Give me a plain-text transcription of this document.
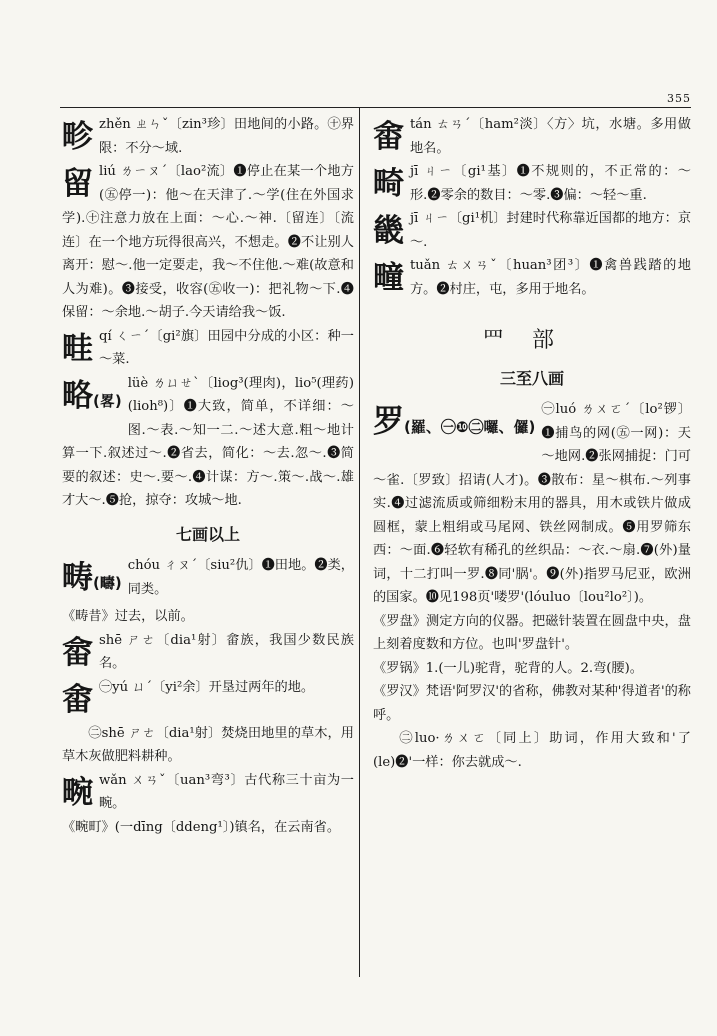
355
畛 zhěn ㄓㄣˇ〔zin³珍〕田地间的小路。㊉界限：不分～域.

留 liú ㄌㄧㄡˊ〔lao²流〕❶停止在某一个地方(㊄停一)：他～在天津了.～学(住在外国求学).㊉注意力放在上面：～心.～神.〔留连〕〔流连〕在一个地方玩得很高兴，不想走。❷不让别人离开：慰～.他一定要走，我～不住他.～难(故意和人为难)。❸接受，收容(㊄收一)：把礼物～下.❹保留：～余地.～胡子.今天请给我～饭.

畦 qí ㄑㄧˊ〔gi²旗〕田园中分成的小区：种一～菜.

略(畧)

lüè ㄌㄩㄝˋ〔liog³(理肉)，lio⁵(理药)(lioh⁸)〕❶大致，简单，不详细：～图.～表.～知一二.～述大意.粗～地计算一下.叙述过～.❷省去，简化：～去.忽～.❸简要的叙述：史～.要～.❹计谋：方～.策～.战～.雄才大～.❺抢，掠夺：攻城～地.

七画以上
畴(疇)

chóu ㄔㄡˊ〔siu²仇〕❶田地。❷类，同类。

《畴昔》过去，以前。

畲 shē ㄕㄜ〔dia¹射〕畲族，我国少数民族名。

畬 ㊀yú ㄩˊ〔yi²余〕开垦过两年的地。

㊁shē ㄕㄜ〔dia¹射〕焚烧田地里的草木，用草木灰做肥料耕种。

畹 wǎn ㄨㄢˇ〔uan³弯³〕古代称三十亩为一畹。

《畹町》(一dīng〔ddeng¹〕)镇名，在云南省。

畬 tán ㄊㄢˊ〔ham²淡〕〈方〉坑，水塘。多用做地名。

畸 jī ㄐㄧ〔gi¹基〕❶不规则的，不正常的：～形.❷零余的数目：～零.❸偏：～轻～重.

畿 jī ㄐㄧ〔gi¹机〕封建时代称靠近国都的地方：京～.

疃 tuǎn ㄊㄨㄢˇ〔huan³团³〕❶禽兽践踏的地方。❷村庄，屯，多用于地名。

罒部
三至八画
罗(羅、㊀❿㊁囉、儸)

㊀luó ㄌㄨㄛˊ〔lo²锣〕❶捕鸟的网(㊄一网)：天～地网.❷张网捕捉：门可～雀.〔罗致〕招请(人才)。❸散布：星～棋布.～列事实.❹过滤流质或筛细粉末用的器具，用木或铁片做成圆框，蒙上粗绢或马尾网、铁丝网制成。❺用罗筛东西：～面.❻轻软有稀孔的丝织品：～衣.～扇.❼(外)量词，十二打叫一罗.❽同'脶'。❾(外)指罗马尼亚，欧洲的国家。❿见198页'喽罗'(lóuluo〔lou²lo²〕)。

《罗盘》测定方向的仪器。把磁针装置在圆盘中央，盘上刻着度数和方位。也叫'罗盘针'。

《罗锅》1.(一儿)驼背，驼背的人。2.弯(腰)。

《罗汉》梵语'阿罗汉'的省称，佛教对某种'得道者'的称呼。

㊁luo·ㄌㄨㄛ〔同上〕助词，作用大致和'了(le)❷'一样：你去就成～.
